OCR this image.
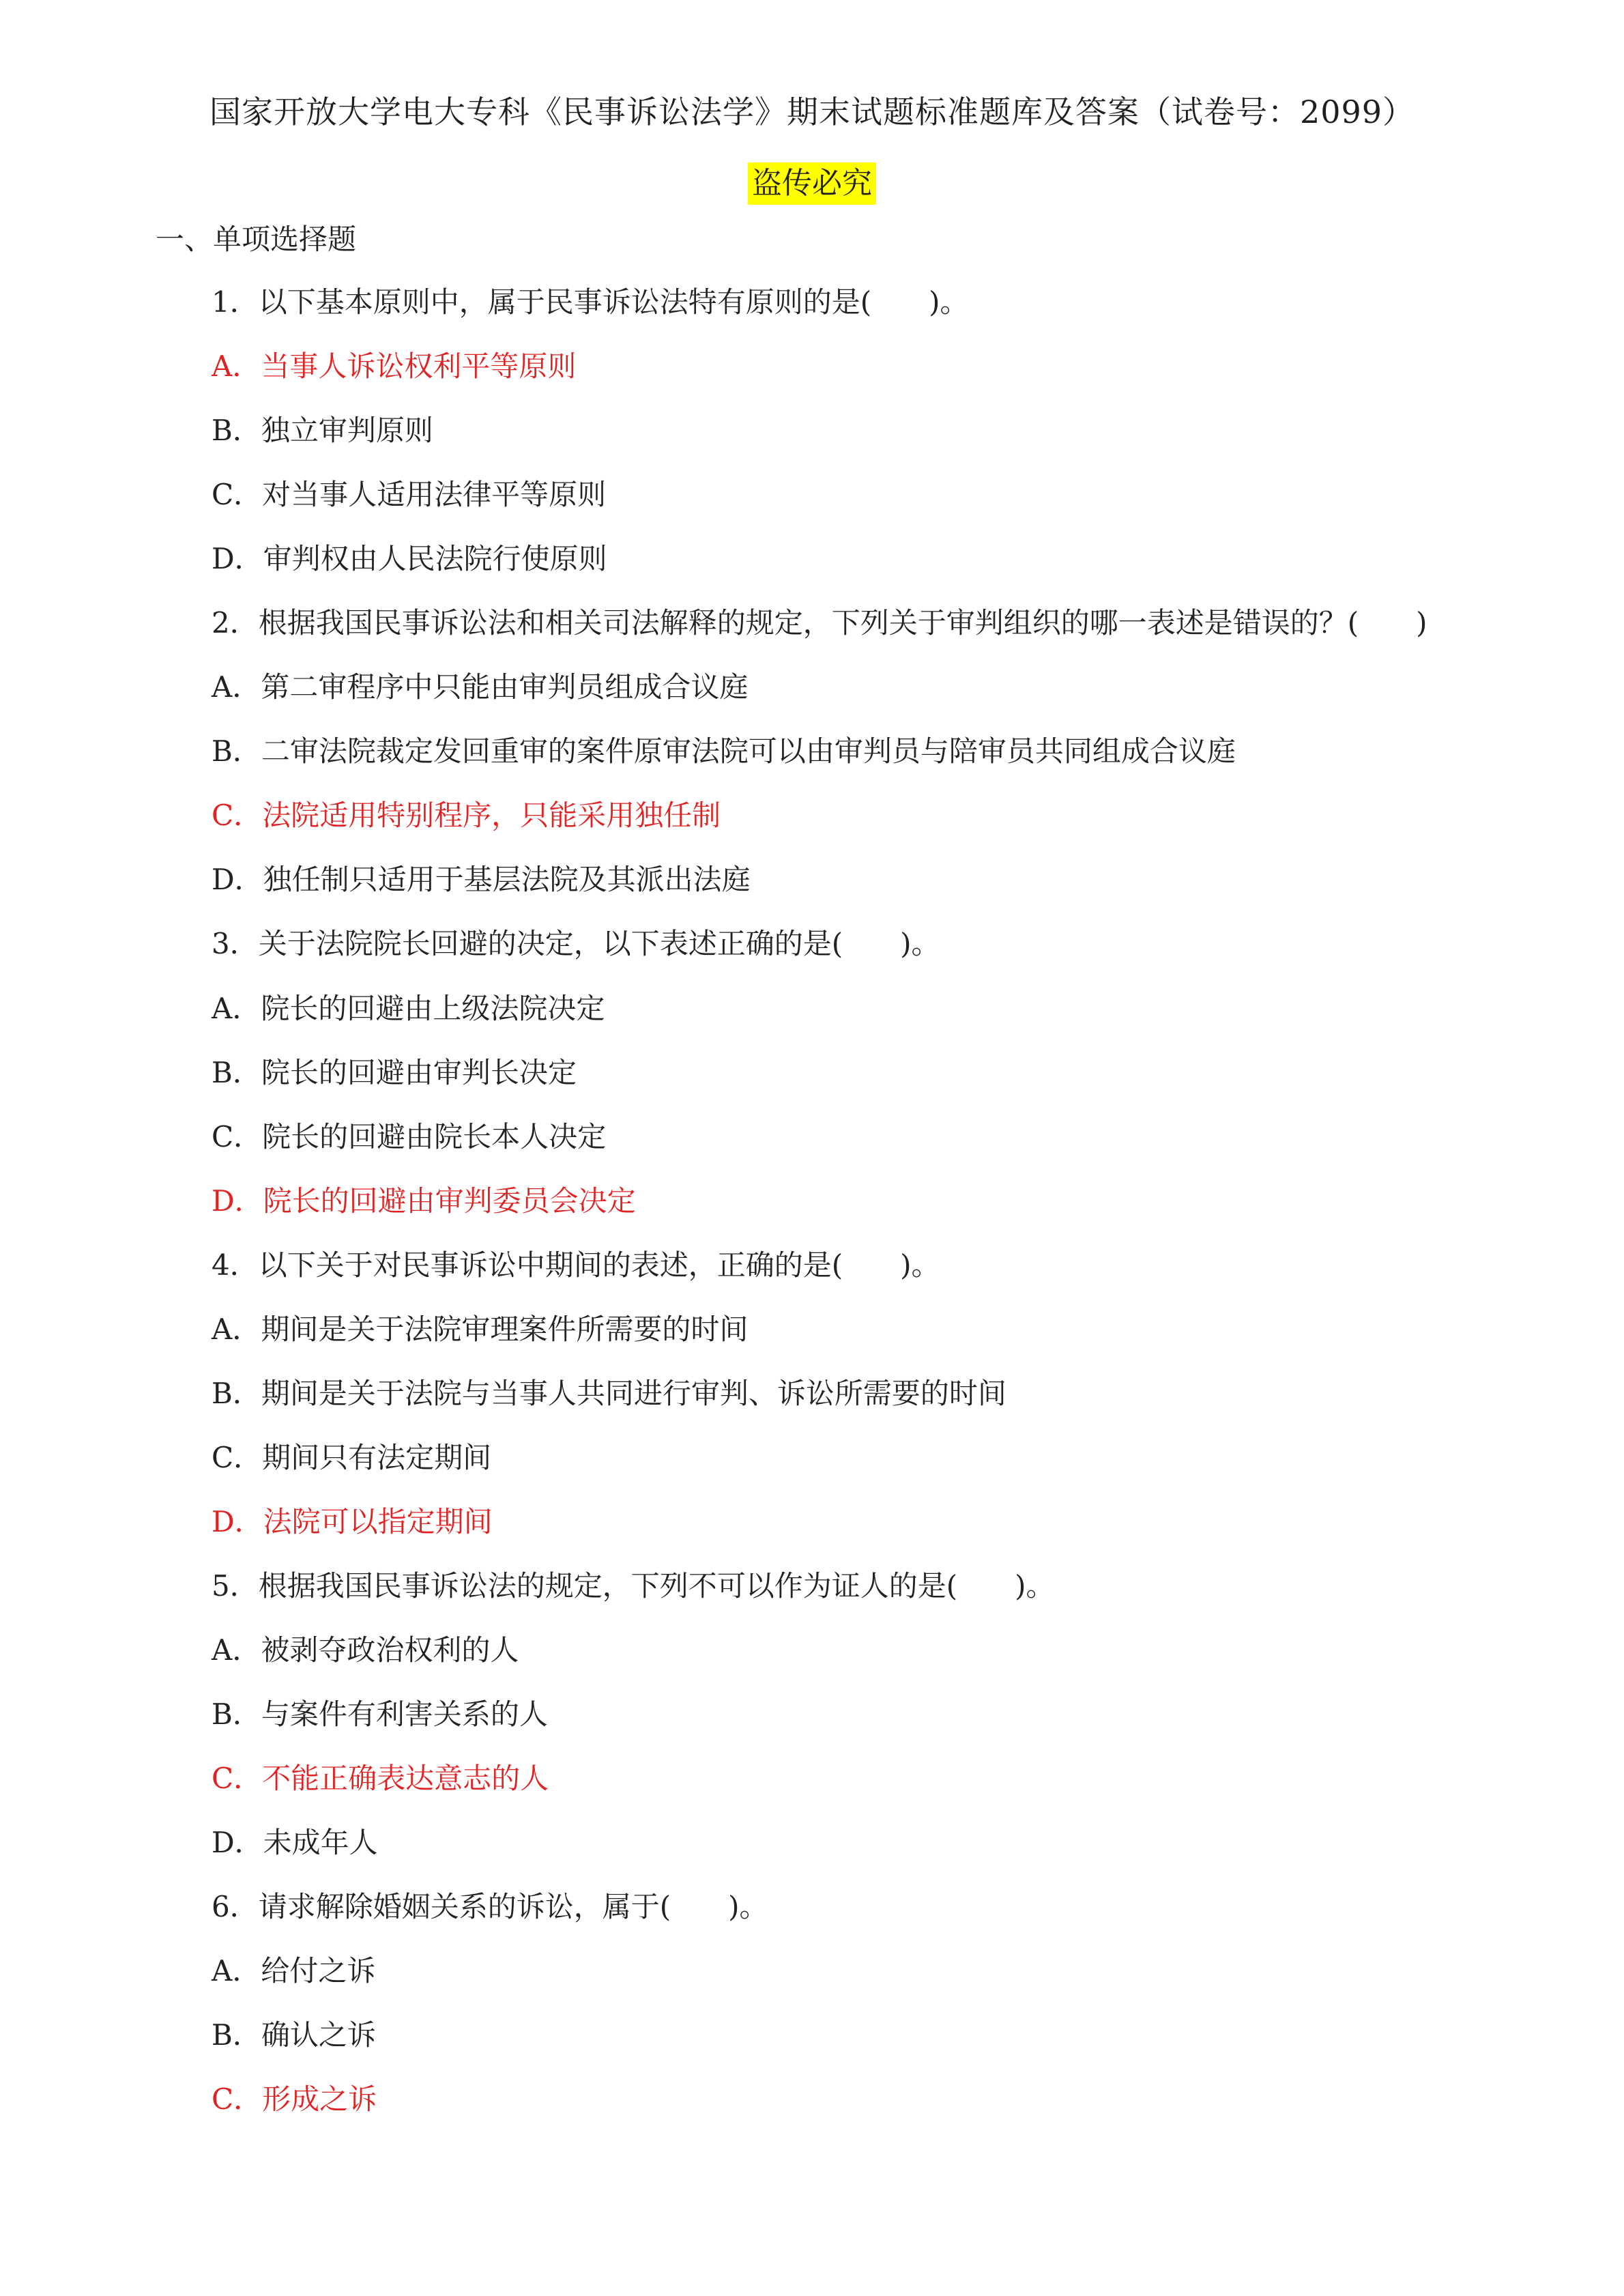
国家开放大学电大专科《民事诉讼法学》期末试题标准题库及答案（试卷号：2099）
盗传必究
一、单项选择题
1．以下基本原则中，属于民事诉讼法特有原则的是(　　)。
A．当事人诉讼权利平等原则
B．独立审判原则
C．对当事人适用法律平等原则
D．审判权由人民法院行使原则
2．根据我国民事诉讼法和相关司法解释的规定，下列关于审判组织的哪一表述是错误的？(　　)
A．第二审程序中只能由审判员组成合议庭
B．二审法院裁定发回重审的案件原审法院可以由审判员与陪审员共同组成合议庭
C．法院适用特别程序，只能采用独任制
D．独任制只适用于基层法院及其派出法庭
3．关于法院院长回避的决定，以下表述正确的是(　　)。
A．院长的回避由上级法院决定
B．院长的回避由审判长决定
C．院长的回避由院长本人决定
D．院长的回避由审判委员会决定
4．以下关于对民事诉讼中期间的表述，正确的是(　　)。
A．期间是关于法院审理案件所需要的时间
B．期间是关于法院与当事人共同进行审判、诉讼所需要的时间
C．期间只有法定期间
D．法院可以指定期间
5．根据我国民事诉讼法的规定，下列不可以作为证人的是(　　)。
A．被剥夺政治权利的人
B．与案件有利害关系的人
C．不能正确表达意志的人
D．未成年人
6．请求解除婚姻关系的诉讼，属于(　　)。
A．给付之诉
B．确认之诉
C．形成之诉
